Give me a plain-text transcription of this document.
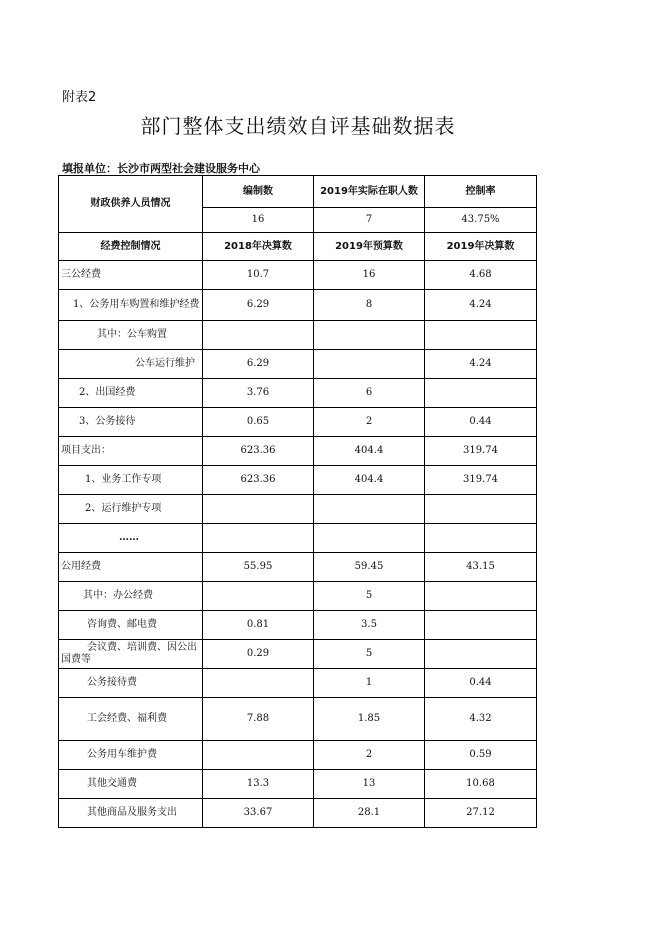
附表2
部门整体支出绩效自评基础数据表
填报单位：长沙市两型社会建设服务中心
财政供养人员情况	编制数	2019年实际在职人数	控制率
	16	7	43.75%
经费控制情况	2018年决算数	2019年预算数	2019年决算数
三公经费	10.7	16	4.68
1、公务用车购置和维护经费	6.29	8	4.24
其中：公车购置			
公车运行维护	6.29		4.24
2、出国经费	3.76	6	
3、公务接待	0.65	2	0.44
项目支出：	623.36	404.4	319.74
1、业务工作专项	623.36	404.4	319.74
2、运行维护专项			
……			
公用经费	55.95	59.45	43.15
其中：办公经费		5	
咨询费、邮电费	0.81	3.5	
会议费、培训费、因公出国费等	0.29	5	
公务接待费		1	0.44
工会经费、福利费	7.88	1.85	4.32
公务用车维护费		2	0.59
其他交通费	13.3	13	10.68
其他商品及服务支出	33.67	28.1	27.12
